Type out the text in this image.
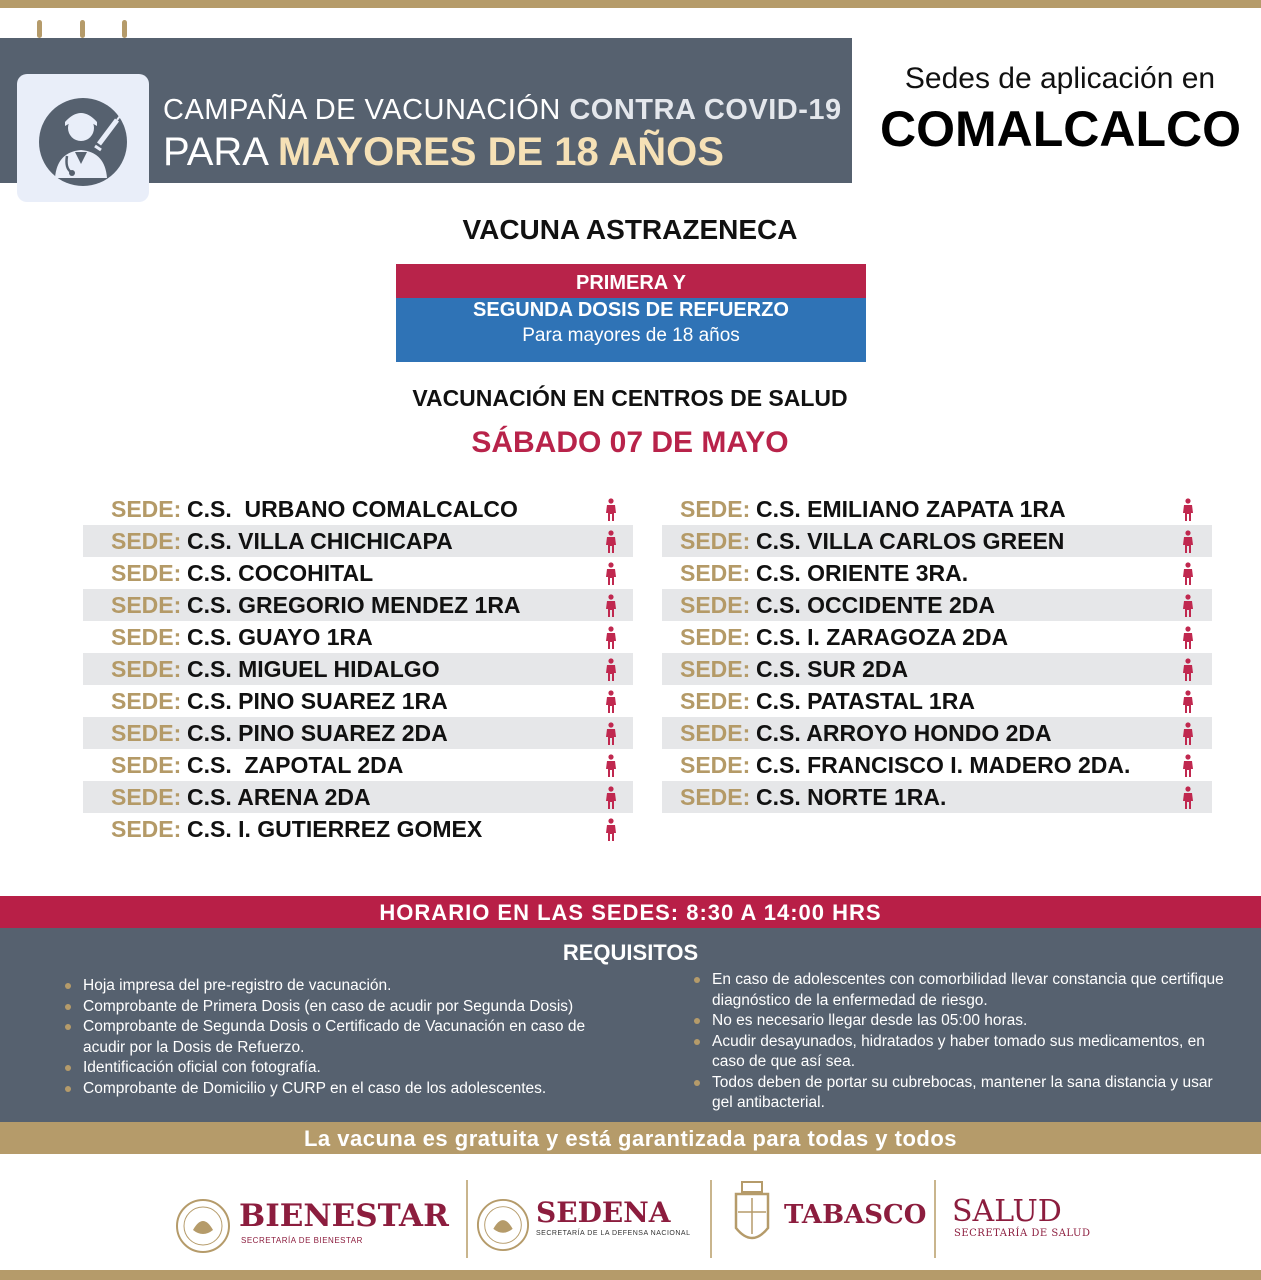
CAMPAÑA DE VACUNACIÓN CONTRA COVID-19
PARA MAYORES DE 18 AÑOS
Sedes de aplicación en
COMALCALCO
VACUNA ASTRAZENECA
PRIMERA Y
SEGUNDA DOSIS DE REFUERZO
Para mayores de 18 años
VACUNACIÓN EN CENTROS DE SALUD
SÁBADO 07 DE MAYO
SEDE: C.S.  URBANO COMALCALCO
SEDE: C.S. VILLA CHICHICAPA
SEDE: C.S. COCOHITAL
SEDE: C.S. GREGORIO MENDEZ 1RA
SEDE: C.S. GUAYO 1RA
SEDE: C.S. MIGUEL HIDALGO
SEDE: C.S. PINO SUAREZ 1RA
SEDE: C.S. PINO SUAREZ 2DA
SEDE: C.S.  ZAPOTAL 2DA
SEDE: C.S. ARENA 2DA
SEDE: C.S. I. GUTIERREZ GOMEX
SEDE: C.S. EMILIANO ZAPATA 1RA
SEDE: C.S. VILLA CARLOS GREEN
SEDE: C.S. ORIENTE 3RA.
SEDE: C.S. OCCIDENTE 2DA
SEDE: C.S. I. ZARAGOZA 2DA
SEDE: C.S. SUR 2DA
SEDE: C.S. PATASTAL 1RA
SEDE: C.S. ARROYO HONDO 2DA
SEDE: C.S. FRANCISCO I. MADERO 2DA.
SEDE: C.S. NORTE 1RA.
HORARIO EN LAS SEDES: 8:30 A 14:00 HRS
REQUISITOS
Hoja impresa del pre-registro de vacunación.
Comprobante de Primera Dosis (en caso de acudir por Segunda Dosis)
Comprobante de Segunda Dosis o Certificado de Vacunación en caso de acudir por la Dosis de Refuerzo.
Identificación oficial con fotografía.
Comprobante de Domicilio y CURP en el caso de los adolescentes.
En caso de adolescentes con comorbilidad llevar constancia que certifique diagnóstico de la enfermedad de riesgo.
No es necesario llegar desde las 05:00 horas.
Acudir desayunados, hidratados y haber tomado sus medicamentos, en caso de que así sea.
Todos deben de portar su cubrebocas, mantener la sana distancia y usar gel antibacterial.
La vacuna es gratuita y está garantizada para todas y todos
BIENESTAR
SECRETARÍA DE BIENESTAR
SEDENA
SECRETARÍA DE LA DEFENSA NACIONAL
TABASCO SALUD
SECRETARÍA DE SALUD
